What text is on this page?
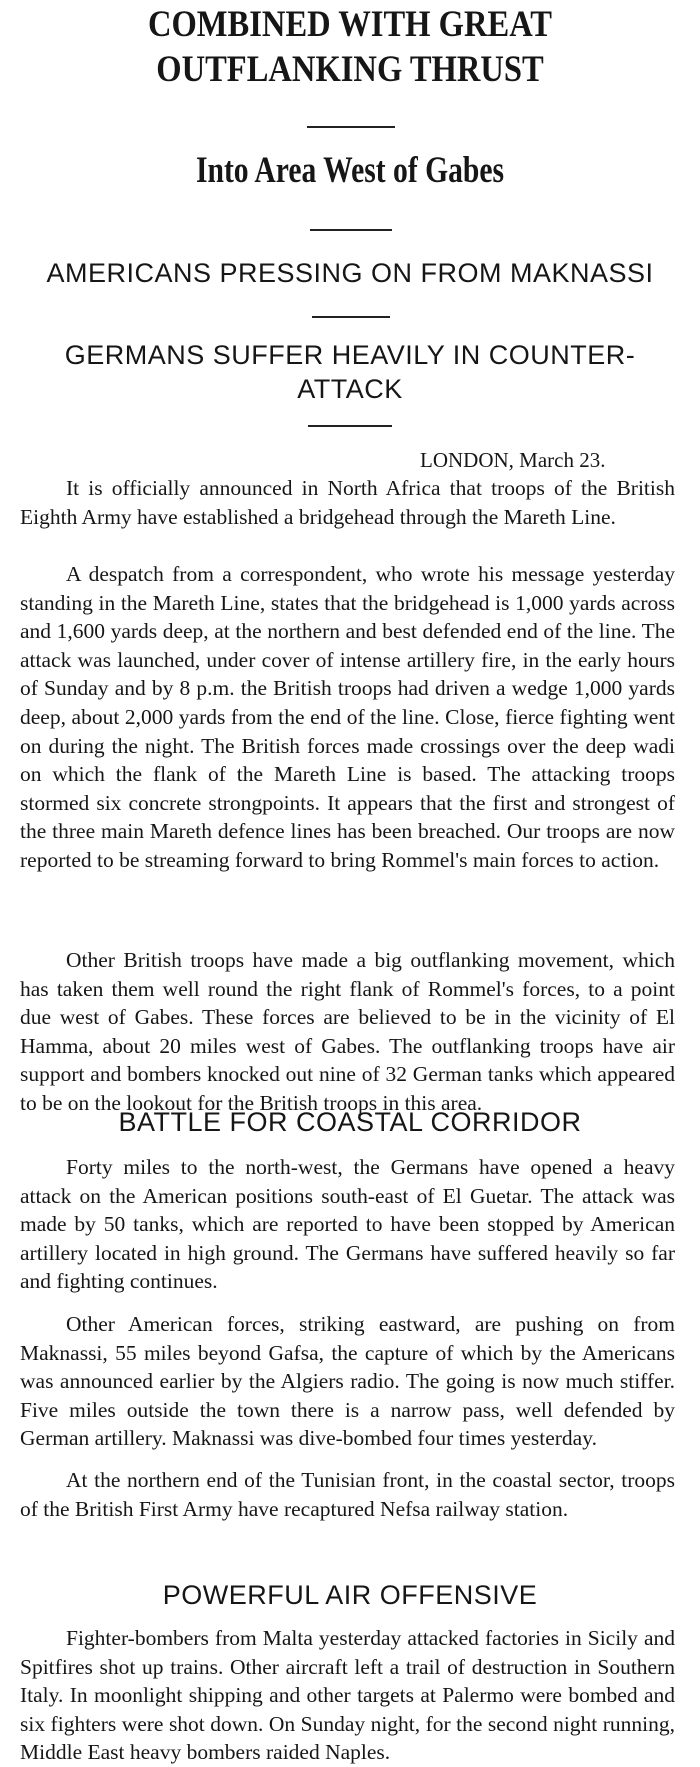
COMBINED WITH GREAT OUTFLANKING THRUST
Into Area West of Gabes
AMERICANS PRESSING ON FROM MAKNASSI
GERMANS SUFFER HEAVILY IN COUNTER-ATTACK

LONDON, March 23.

It is officially announced in North Africa that troops of the British Eighth Army have established a bridgehead through the Mareth Line.

A despatch from a correspondent, who wrote his message yesterday standing in the Mareth Line, states that the bridgehead is 1,000 yards across and 1,600 yards deep, at the northern and best defended end of the line. The attack was launched, under cover of intense artillery fire, in the early hours of Sunday and by 8 p.m. the British troops had driven a wedge 1,000 yards deep, about 2,000 yards from the end of the line. Close, fierce fighting went on during the night. The British forces made crossings over the deep wadi on which the flank of the Mareth Line is based. The attacking troops stormed six concrete strongpoints. It appears that the first and strongest of the three main Mareth defence lines has been breached. Our troops are now reported to be streaming forward to bring Rommel's main forces to action.

Other British troops have made a big outflanking movement, which has taken them well round the right flank of Rommel's forces, to a point due west of Gabes. These forces are believed to be in the vicinity of El Hamma, about 20 miles west of Gabes. The outflanking troops have air support and bombers knocked out nine of 32 German tanks which appeared to be on the lookout for the British troops in this area.

BATTLE FOR COASTAL CORRIDOR

Forty miles to the north-west, the Germans have opened a heavy attack on the American positions south-east of El Guetar. The attack was made by 50 tanks, which are reported to have been stopped by American artillery located in high ground. The Germans have suffered heavily so far and fighting continues.

Other American forces, striking eastward, are pushing on from Maknassi, 55 miles beyond Gafsa, the capture of which by the Americans was announced earlier by the Algiers radio. The going is now much stiffer. Five miles outside the town there is a narrow pass, well defended by German artillery. Maknassi was dive-bombed four times yesterday.

At the northern end of the Tunisian front, in the coastal sector, troops of the British First Army have recaptured Nefsa railway station.

POWERFUL AIR OFFENSIVE

Fighter-bombers from Malta yesterday attacked factories in Sicily and Spitfires shot up trains. Other aircraft left a trail of destruction in Southern Italy. In moonlight shipping and other targets at Palermo were bombed and six fighters were shot down. On Sunday night, for the second night running, Middle East heavy bombers raided Naples.
